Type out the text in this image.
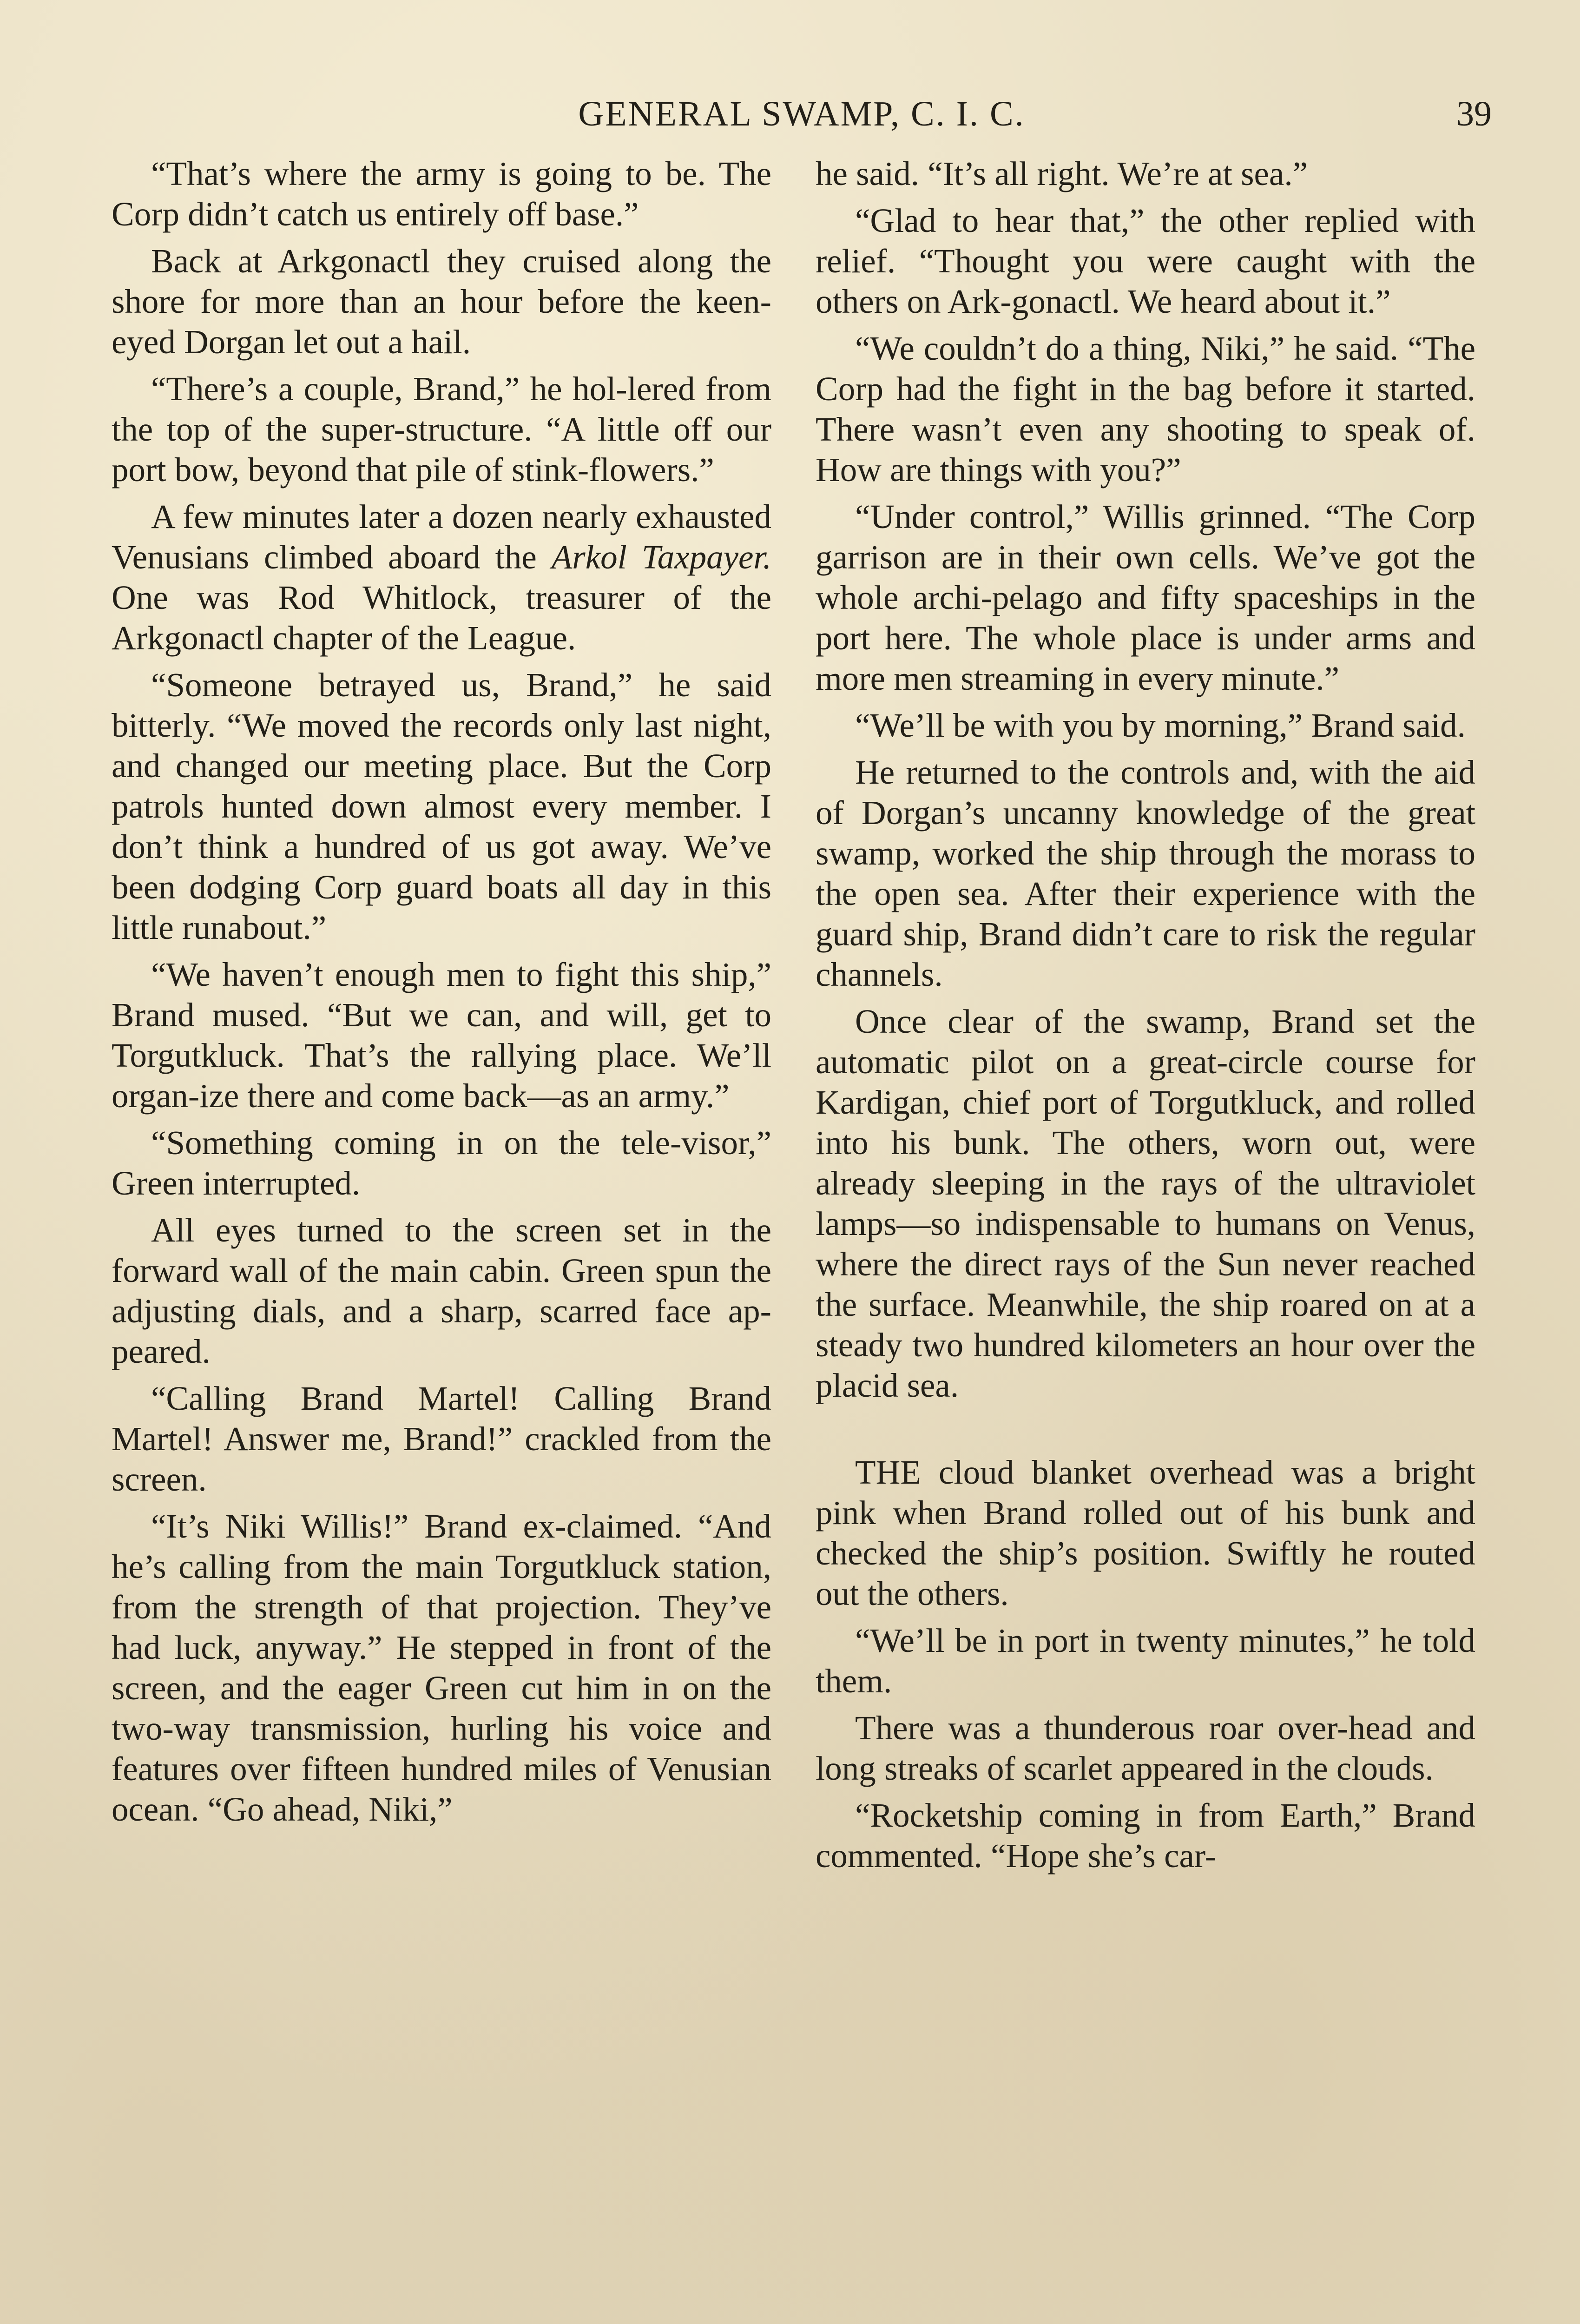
GENERAL SWAMP, C. I. C.	39

“That’s where the army is going to be. The Corp didn’t catch us entirely off base.”

Back at Arkgonactl they cruised along the shore for more than an hour before the keen-eyed Dorgan let out a hail.

“There’s a couple, Brand,” he hol-lered from the top of the super-structure. “A little off our port bow, beyond that pile of stink-flowers.”

A few minutes later a dozen nearly exhausted Venusians climbed aboard the Arkol Taxpayer. One was Rod Whitlock, treasurer of the Arkgonactl chapter of the League.

“Someone betrayed us, Brand,” he said bitterly. “We moved the records only last night, and changed our meeting place. But the Corp patrols hunted down almost every member. I don’t think a hundred of us got away. We’ve been dodging Corp guard boats all day in this little runabout.”

“We haven’t enough men to fight this ship,” Brand mused. “But we can, and will, get to Torgutkluck. That’s the rallying place. We’ll organ-ize there and come back—as an army.”

“Something coming in on the tele-visor,” Green interrupted.

All eyes turned to the screen set in the forward wall of the main cabin. Green spun the adjusting dials, and a sharp, scarred face ap-peared.

“Calling Brand Martel! Calling Brand Martel! Answer me, Brand!” crackled from the screen.

“It’s Niki Willis!” Brand ex-claimed. “And he’s calling from the main Torgutkluck station, from the strength of that projection. They’ve had luck, anyway.” He stepped in front of the screen, and the eager Green cut him in on the two-way transmission, hurling his voice and features over fifteen hundred miles of Venusian ocean. “Go ahead, Niki,”

he said. “It’s all right. We’re at sea.”

“Glad to hear that,” the other replied with relief. “Thought you were caught with the others on Ark-gonactl. We heard about it.”

“We couldn’t do a thing, Niki,” he said. “The Corp had the fight in the bag before it started. There wasn’t even any shooting to speak of. How are things with you?”

“Under control,” Willis grinned. “The Corp garrison are in their own cells. We’ve got the whole archi-pelago and fifty spaceships in the port here. The whole place is under arms and more men streaming in every minute.”

“We’ll be with you by morning,” Brand said.

He returned to the controls and, with the aid of Dorgan’s uncanny knowledge of the great swamp, worked the ship through the morass to the open sea. After their experience with the guard ship, Brand didn’t care to risk the regular channels.

Once clear of the swamp, Brand set the automatic pilot on a great-circle course for Kardigan, chief port of Torgutkluck, and rolled into his bunk. The others, worn out, were already sleeping in the rays of the ultraviolet lamps—so indispensable to humans on Venus, where the direct rays of the Sun never reached the surface. Meanwhile, the ship roared on at a steady two hundred kilometers an hour over the placid sea.

THE cloud blanket overhead was a bright pink when Brand rolled out of his bunk and checked the ship’s position. Swiftly he routed out the others.

“We’ll be in port in twenty minutes,” he told them.

There was a thunderous roar over-head and long streaks of scarlet appeared in the clouds.

“Rocketship coming in from Earth,” Brand commented. “Hope she’s car-
